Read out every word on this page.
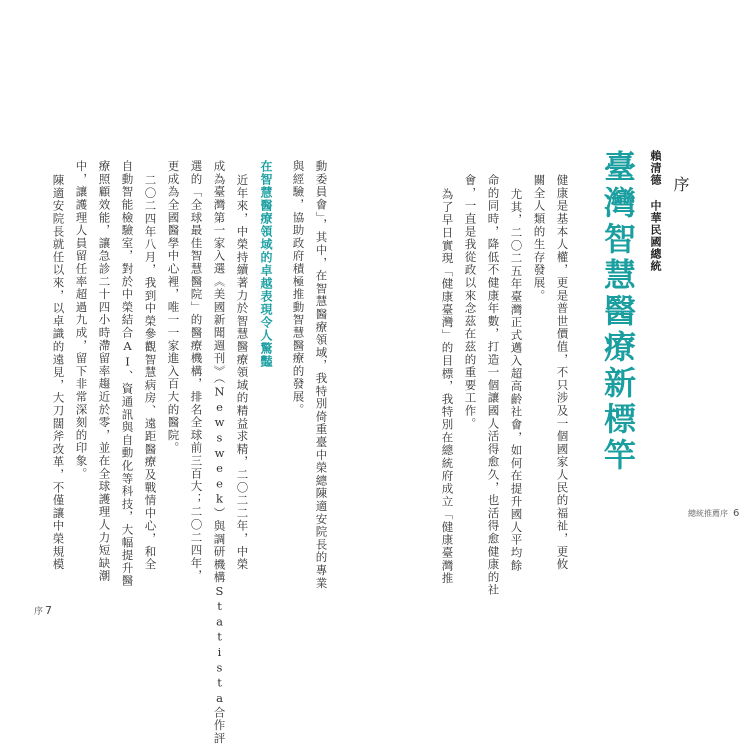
序
賴清德 中華民國總統
臺灣智慧醫療新標竿
健康是基本人權，更是普世價值，不只涉及一個國家人民的福祉，更攸
關全人類的生存發展。
尤其，二〇二五年臺灣正式邁入超高齡社會，如何在提升國人平均餘
命的同時，降低不健康年數，打造一個讓國人活得愈久，也活得愈健康的社
會，一直是我從政以來念茲在茲的重要工作。
為了早日實現「健康臺灣」的目標，我特別在總統府成立「健康臺灣推
動委員會」，其中，在智慧醫療領域，我特別倚重臺中榮總陳適安院長的專業
與經驗，協助政府積極推動智慧醫療的發展。
在智慧醫療領域的卓越表現令人驚豔
近年來，中榮持續著力於智慧醫療領域的精益求精，二〇二二年，中榮
成為臺灣第一家入選《美國新聞週刊》（Newsweek）與調研機構Statista合作評
選的「全球最佳智慧醫院」的醫療機構，排名全球前三百大；二〇二四年，
更成為全國醫學中心裡，唯一一家進入百大的醫院。
二〇二四年八月，我到中榮參觀智慧病房、遠距醫療及戰情中心，和全
自動智能檢驗室，對於中榮結合AI、資通訊與自動化等科技，大幅提升醫
療照顧效能，讓急診二十四小時滯留率趨近於零，並在全球護理人力短缺潮
中，讓護理人員留任率超過九成，留下非常深刻的印象。
陳適安院長就任以來，以卓識的遠見，大刀闊斧改革，不僅讓中榮規模	總統推薦序 6
序 7
